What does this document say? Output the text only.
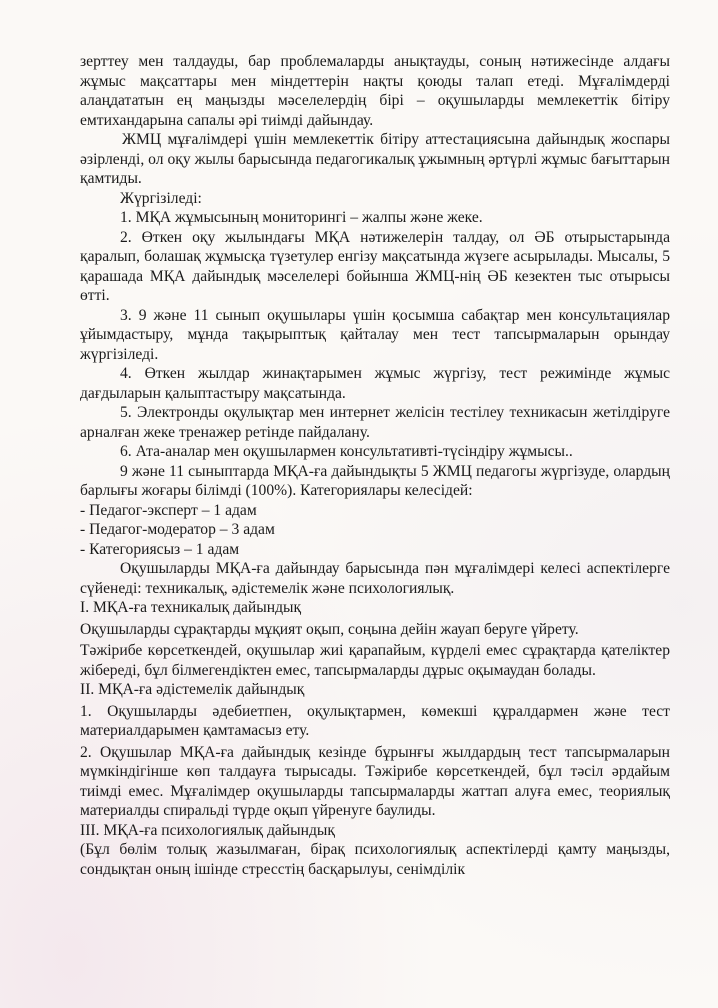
зерттеу мен талдауды, бар проблемаларды анықтауды, соның нәтижесінде алдағы жұмыс мақсаттары мен міндеттерін нақты қоюды талап етеді. Мұғалімдерді алаңдататын ең маңызды мәселелердің бірі – оқушыларды мемлекеттік бітіру емтихандарына сапалы әрі тиімді дайындау.

ЖМЦ мұғалімдері үшін мемлекеттік бітіру аттестациясына дайындық жоспары әзірленді, ол оқу жылы барысында педагогикалық ұжымның әртүрлі жұмыс бағыттарын қамтиды.

Жүргізіледі:

1. МҚА жұмысының мониторингі – жалпы және жеке.

2. Өткен оқу жылындағы МҚА нәтижелерін талдау, ол ӘБ отырыстарында қаралып, болашақ жұмысқа түзетулер енгізу мақсатында жүзеге асырылады. Мысалы, 5 қарашада МҚА дайындық мәселелері бойынша ЖМЦ-нің ӘБ кезектен тыс отырысы өтті.

3. 9 және 11 сынып оқушылары үшін қосымша сабақтар мен консультациялар ұйымдастыру, мұнда тақырыптық қайталау мен тест тапсырмаларын орындау жүргізіледі.

4. Өткен жылдар жинақтарымен жұмыс жүргізу, тест режимінде жұмыс дағдыларын қалыптастыру мақсатында.

5. Электронды оқулықтар мен интернет желісін тестілеу техникасын жетілдіруге арналған жеке тренажер ретінде пайдалану.

6. Ата-аналар мен оқушылармен консультативті-түсіндіру жұмысы..

9 және 11 сыныптарда МҚА-ға дайындықты 5 ЖМЦ педагогы жүргізуде, олардың барлығы жоғары білімді (100%). Категориялары келесідей:

- Педагог-эксперт – 1 адам

- Педагог-модератор – 3 адам

- Категориясыз – 1 адам

Оқушыларды МҚА-ға дайындау барысында пән мұғалімдері келесі аспектілерге сүйенеді: техникалық, әдістемелік және психологиялық.

I. МҚА-ға техникалық дайындық

Оқушыларды сұрақтарды мұқият оқып, соңына дейін жауап беруге үйрету.

Тәжірибе көрсеткендей, оқушылар жиі қарапайым, күрделі емес сұрақтарда қателіктер жібереді, бұл білмегендіктен емес, тапсырмаларды дұрыс оқымаудан болады.

II. МҚА-ға әдістемелік дайындық

1. Оқушыларды әдебиетпен, оқулықтармен, көмекші құралдармен және тест материалдарымен қамтамасыз ету.

2. Оқушылар МҚА-ға дайындық кезінде бұрынғы жылдардың тест тапсырмаларын мүмкіндігінше көп талдауға тырысады. Тәжірибе көрсеткендей, бұл тәсіл әрдайым тиімді емес. Мұғалімдер оқушыларды тапсырмаларды жаттап алуға емес, теориялық материалды спиральді түрде оқып үйренуге баулиды.

III. МҚА-ға психологиялық дайындық

(Бұл бөлім толық жазылмаған, бірақ психологиялық аспектілерді қамту маңызды, сондықтан оның ішінде стресстің басқарылуы, сенімділік
